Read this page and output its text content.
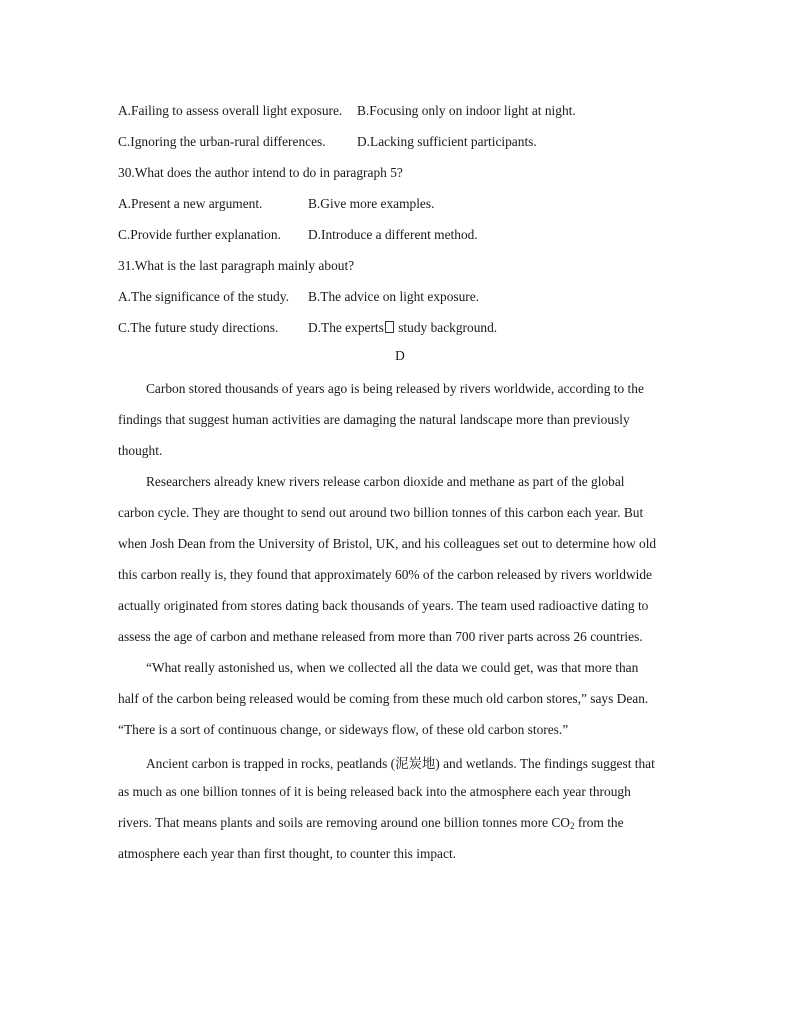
A.Failing to assess overall light exposure. B.Focusing only on indoor light at night.
C.Ignoring the urban-rural differences. D.Lacking sufficient participants.
30.What does the author intend to do in paragraph 5?
A.Present a new argument.	B.Give more examples.
C.Provide further explanation. D.Introduce a different method.
31.What is the last paragraph mainly about?
A.The significance of the study. B.The advice on light exposure.
C.The future study directions. D.The experts study background.
D
Carbon stored thousands of years ago is being released by rivers worldwide, according to the
findings that suggest human activities are damaging the natural landscape more than previously
thought.
Researchers already knew rivers release carbon dioxide and methane as part of the global
carbon cycle. They are thought to send out around two billion tonnes of this carbon each year. But
when Josh Dean from the University of Bristol, UK, and his colleagues set out to determine how old
this carbon really is, they found that approximately 60% of the carbon released by rivers worldwide
actually originated from stores dating back thousands of years. The team used radioactive dating to
assess the age of carbon and methane released from more than 700 river parts across 26 countries.
“What really astonished us, when we collected all the data we could get, was that more than
half of the carbon being released would be coming from these much old carbon stores,” says Dean.
“There is a sort of continuous change, or sideways flow, of these old carbon stores.”
Ancient carbon is trapped in rocks, peatlands (泥炭地) and wetlands. The findings suggest that
as much as one billion tonnes of it is being released back into the atmosphere each year through
rivers. That means plants and soils are removing around one billion tonnes more $CO_2$ from the
atmosphere each year than first thought, to counter this impact.
